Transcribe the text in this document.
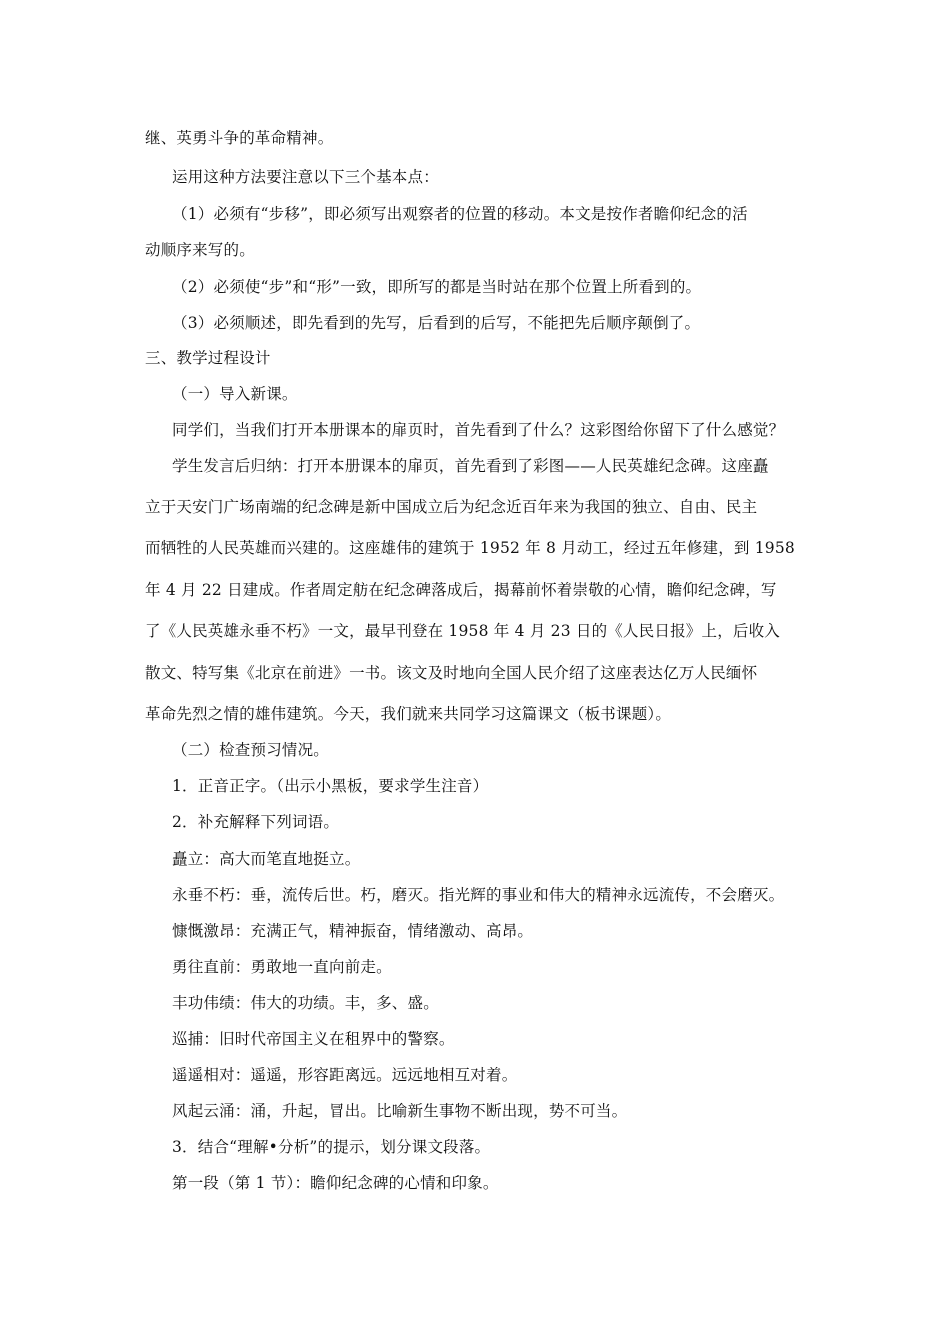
继、英勇斗争的革命精神。
运用这种方法要注意以下三个基本点：
（1）必须有“步移”，即必须写出观察者的位置的移动。本文是按作者瞻仰纪念的活
动顺序来写的。
（2）必须使“步”和“形”一致，即所写的都是当时站在那个位置上所看到的。
（3）必须顺述，即先看到的先写，后看到的后写，不能把先后顺序颠倒了。
三、教学过程设计
（一）导入新课。
同学们，当我们打开本册课本的扉页时，首先看到了什么？这彩图给你留下了什么感觉？
学生发言后归纳：打开本册课本的扉页，首先看到了彩图——人民英雄纪念碑。这座矗
立于天安门广场南端的纪念碑是新中国成立后为纪念近百年来为我国的独立、自由、民主
而牺牲的人民英雄而兴建的。这座雄伟的建筑于 1952 年 8 月动工，经过五年修建，到 1958
年 4 月 22 日建成。作者周定舫在纪念碑落成后，揭幕前怀着崇敬的心情，瞻仰纪念碑，写
了《人民英雄永垂不朽》一文，最早刊登在 1958 年 4 月 23 日的《人民日报》上，后收入
散文、特写集《北京在前进》一书。该文及时地向全国人民介绍了这座表达亿万人民缅怀
革命先烈之情的雄伟建筑。今天，我们就来共同学习这篇课文（板书课题）。
（二）检查预习情况。
1．正音正字。（出示小黑板，要求学生注音）
2．补充解释下列词语。
矗立：高大而笔直地挺立。
永垂不朽：垂，流传后世。朽，磨灭。指光辉的事业和伟大的精神永远流传，不会磨灭。
慷慨激昂：充满正气，精神振奋，情绪激动、高昂。
勇往直前：勇敢地一直向前走。
丰功伟绩：伟大的功绩。丰，多、盛。
巡捕：旧时代帝国主义在租界中的警察。
遥遥相对：遥遥，形容距离远。远远地相互对着。
风起云涌：涌，升起，冒出。比喻新生事物不断出现，势不可当。
3．结合“理解•分析”的提示，划分课文段落。
第一段（第 1 节）：瞻仰纪念碑的心情和印象。
